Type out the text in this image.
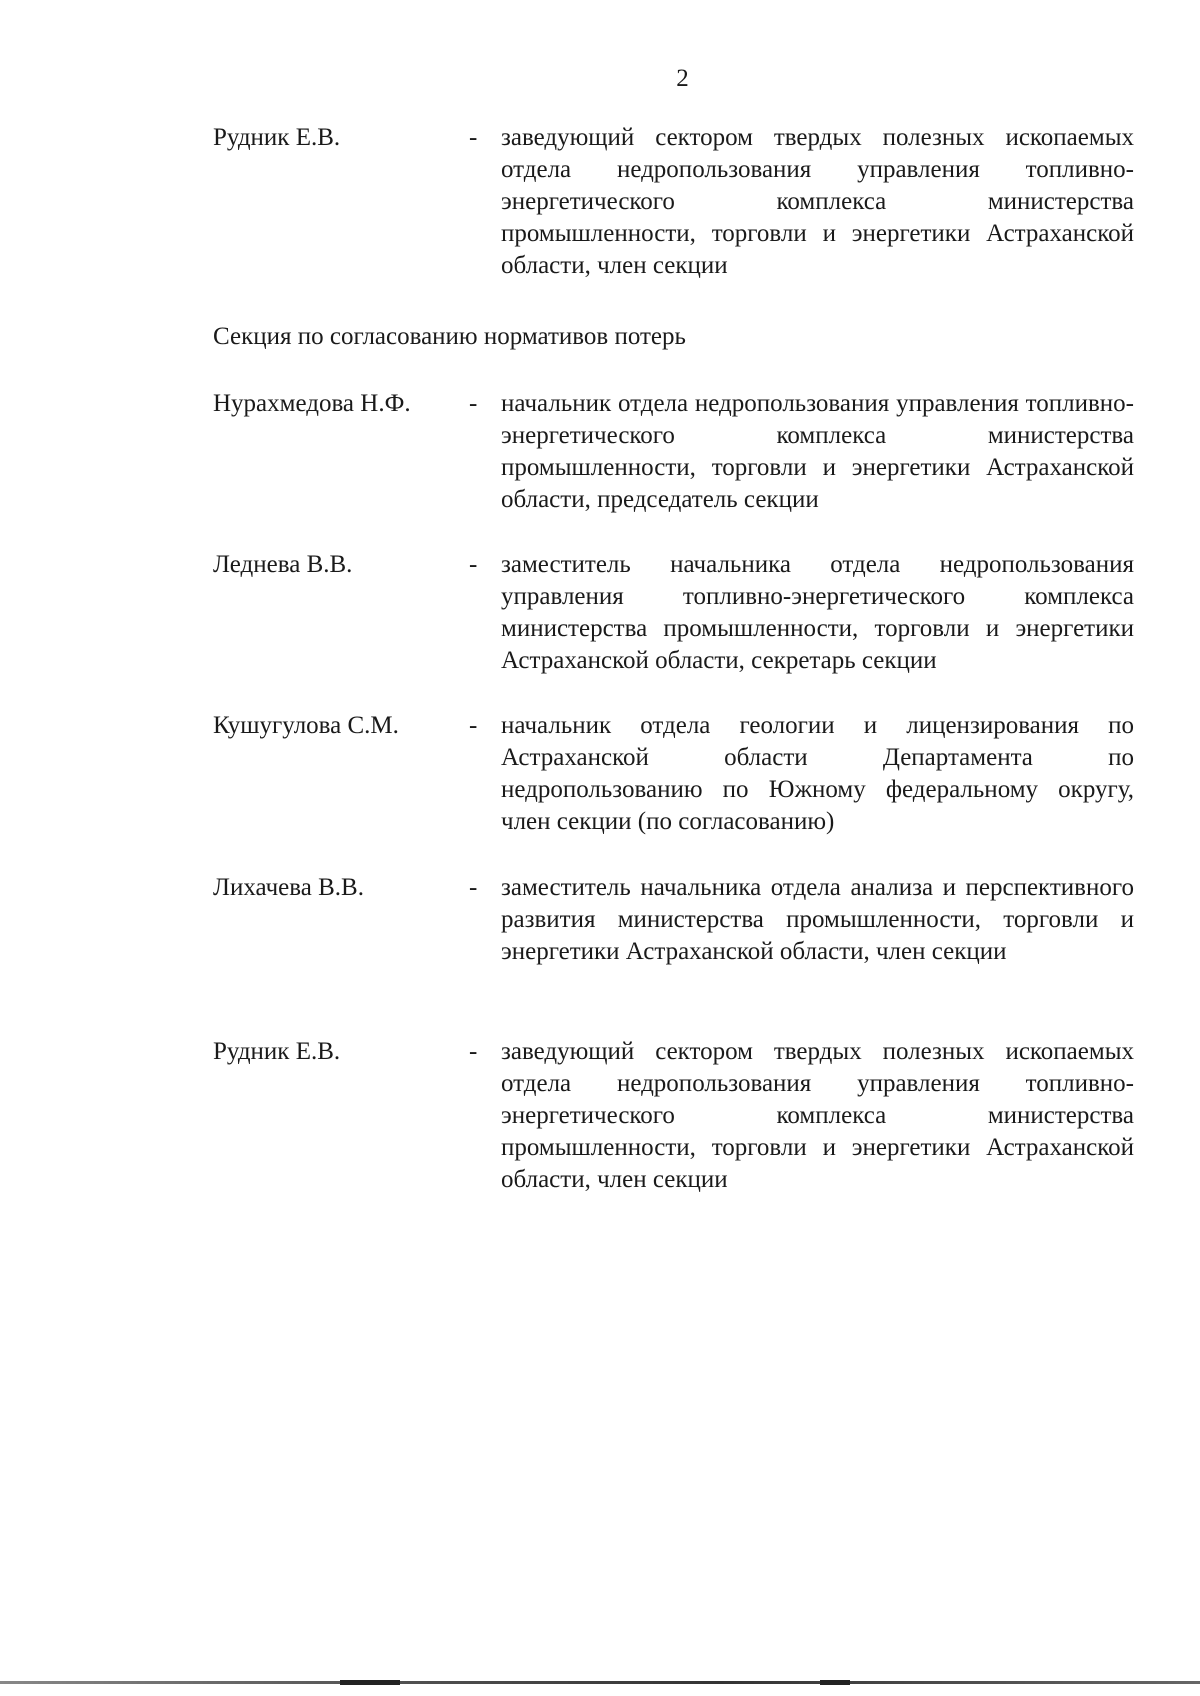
2
Рудник Е.В.	- заведующий сектором твердых полезных ископаемых отдела недропользования управления топливно-энергетического комплекса министерства промышленности, торговли и энергетики Астраханской области, член секции
Секция по согласованию нормативов потерь
Нурахмедова Н.Ф. - начальник отдела недропользования управления топливно-энергетического комплекса министерства промышленности, торговли и энергетики Астраханской области, председатель секции
Леднева В.В.	- заместитель начальника отдела недропользования управления топливно-энергетического комплекса министерства промышленности, торговли и энергетики Астраханской области, секретарь секции
Кушугулова С.М.	- начальник отдела геологии и лицензирования по Астраханской области Департамента по недропользованию по Южному федеральному округу, член секции (по согласованию)
Лихачева В.В.	- заместитель начальника отдела анализа и перспективного развития министерства промышленности, торговли и энергетики Астраханской области, член секции
Рудник Е.В.	- заведующий сектором твердых полезных ископаемых отдела недропользования управления топливно-энергетического комплекса министерства промышленности, торговли и энергетики Астраханской области, член секции
